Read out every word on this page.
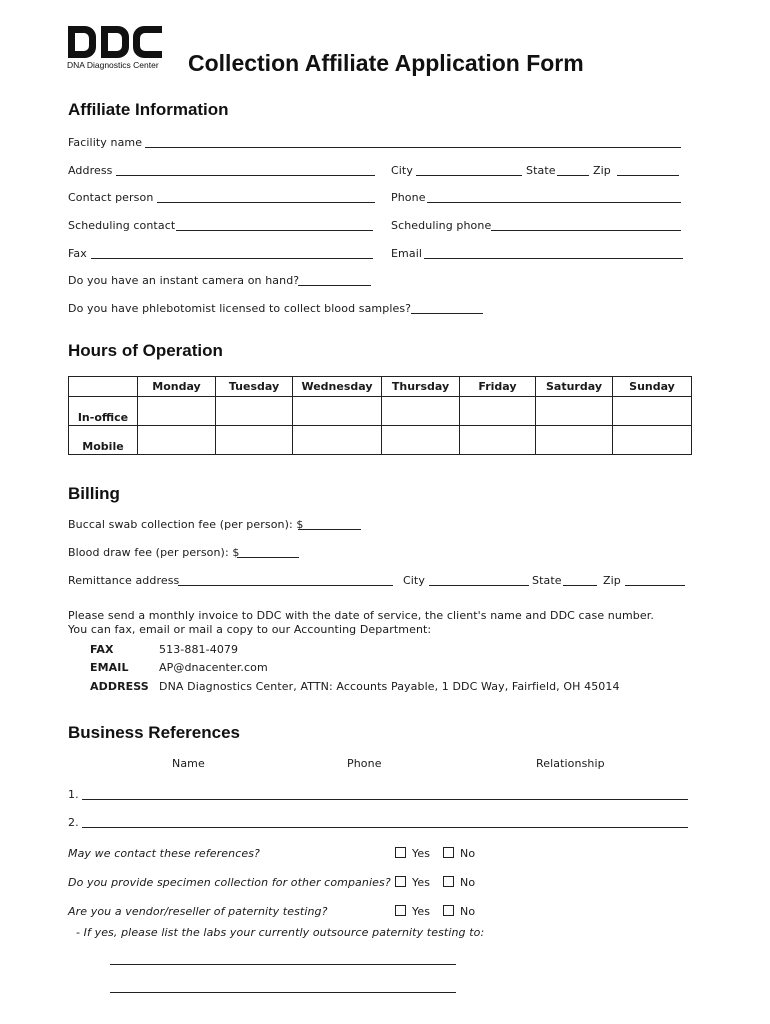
DNA Diagnostics Center Collection Affiliate Application Form
Affiliate Information
Facility name
Address	City	State	Zip
Contact person	Phone
Scheduling contact	Scheduling phone
Fax	Email
Do you have an instant camera on hand?
Do you have phlebotomist licensed to collect blood samples?
Hours of Operation
	Monday	Tuesday	Wednesday	Thursday	Friday	Saturday	Sunday
In-office							
Mobile							
Billing
Buccal swab collection fee (per person): $
Blood draw fee (per person): $
Remittance address	City	State	Zip
Please send a monthly invoice to DDC with the date of service, the client's name and DDC case number.
You can fax, email or mail a copy to our Accounting Department:
FAX	513-881-4079
EMAIL	AP@dnacenter.com
ADDRESS DNA Diagnostics Center, ATTN: Accounts Payable, 1 DDC Way, Fairfield, OH 45014
Business References
Name	Phone	Relationship
1.
2.
May we contact these references?	Yes	No
Do you provide specimen collection for other companies?	Yes	No
Are you a vendor/reseller of paternity testing?	Yes	No
- If yes, please list the labs your currently outsource paternity testing to:
